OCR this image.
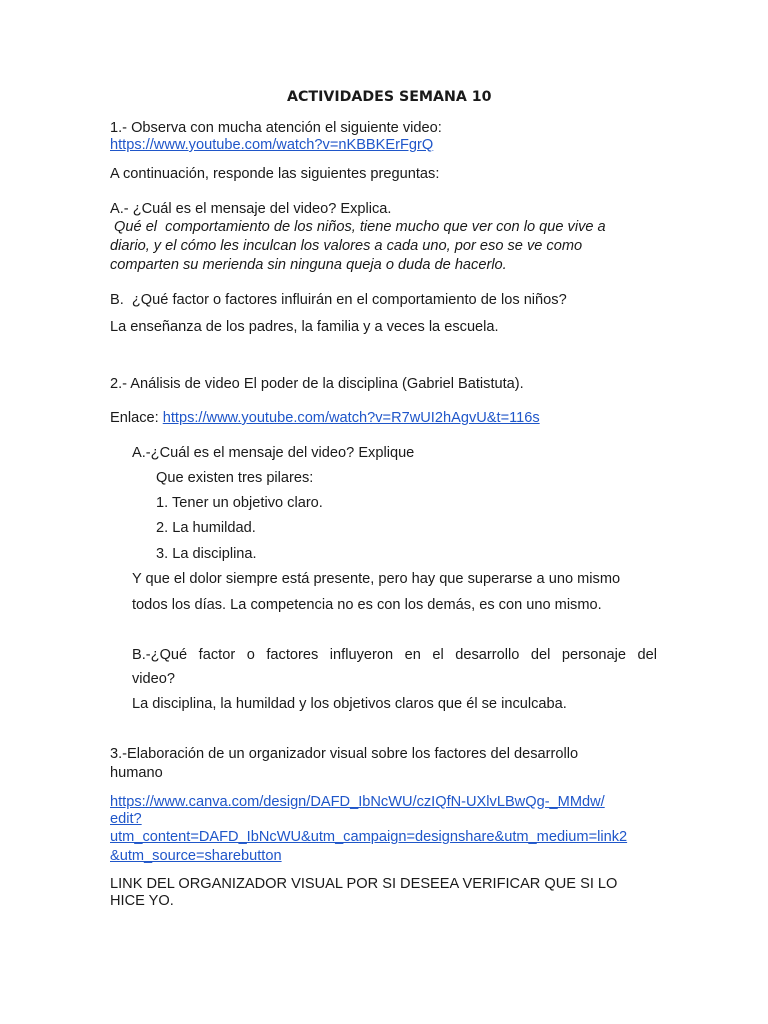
ACTIVIDADES SEMANA 10
1.- Observa con mucha atención el siguiente video:
https://www.youtube.com/watch?v=nKBBKErFgrQ
A continuación, responde las siguientes preguntas:
A.- ¿Cuál es el mensaje del video? Explica.
Qué el  comportamiento de los niños, tiene mucho que ver con lo que vive a
diario, y el cómo les inculcan los valores a cada uno, por eso se ve como
comparten su merienda sin ninguna queja o duda de hacerlo.
B.  ¿Qué factor o factores influirán en el comportamiento de los niños?
La enseñanza de los padres, la familia y a veces la escuela.
2.- Análisis de video El poder de la disciplina (Gabriel Batistuta).
Enlace: https://www.youtube.com/watch?v=R7wUI2hAgvU&t=116s
A.-¿Cuál es el mensaje del video? Explique
Que existen tres pilares:
1. Tener un objetivo claro.
2. La humildad.
3. La disciplina.
Y que el dolor siempre está presente, pero hay que superarse a uno mismo
todos los días. La competencia no es con los demás, es con uno mismo.
B.-¿Qué factor o factores influyeron en el desarrollo del personaje del
video?
La disciplina, la humildad y los objetivos claros que él se inculcaba.
3.-Elaboración de un organizador visual sobre los factores del desarrollo
humano
https://www.canva.com/design/DAFD_IbNcWU/czIQfN-UXlvLBwQg-_MMdw/
edit?
utm_content=DAFD_IbNcWU&utm_campaign=designshare&utm_medium=link2
&utm_source=sharebutton
LINK DEL ORGANIZADOR VISUAL POR SI DESEEA VERIFICAR QUE SI LO
HICE YO.
